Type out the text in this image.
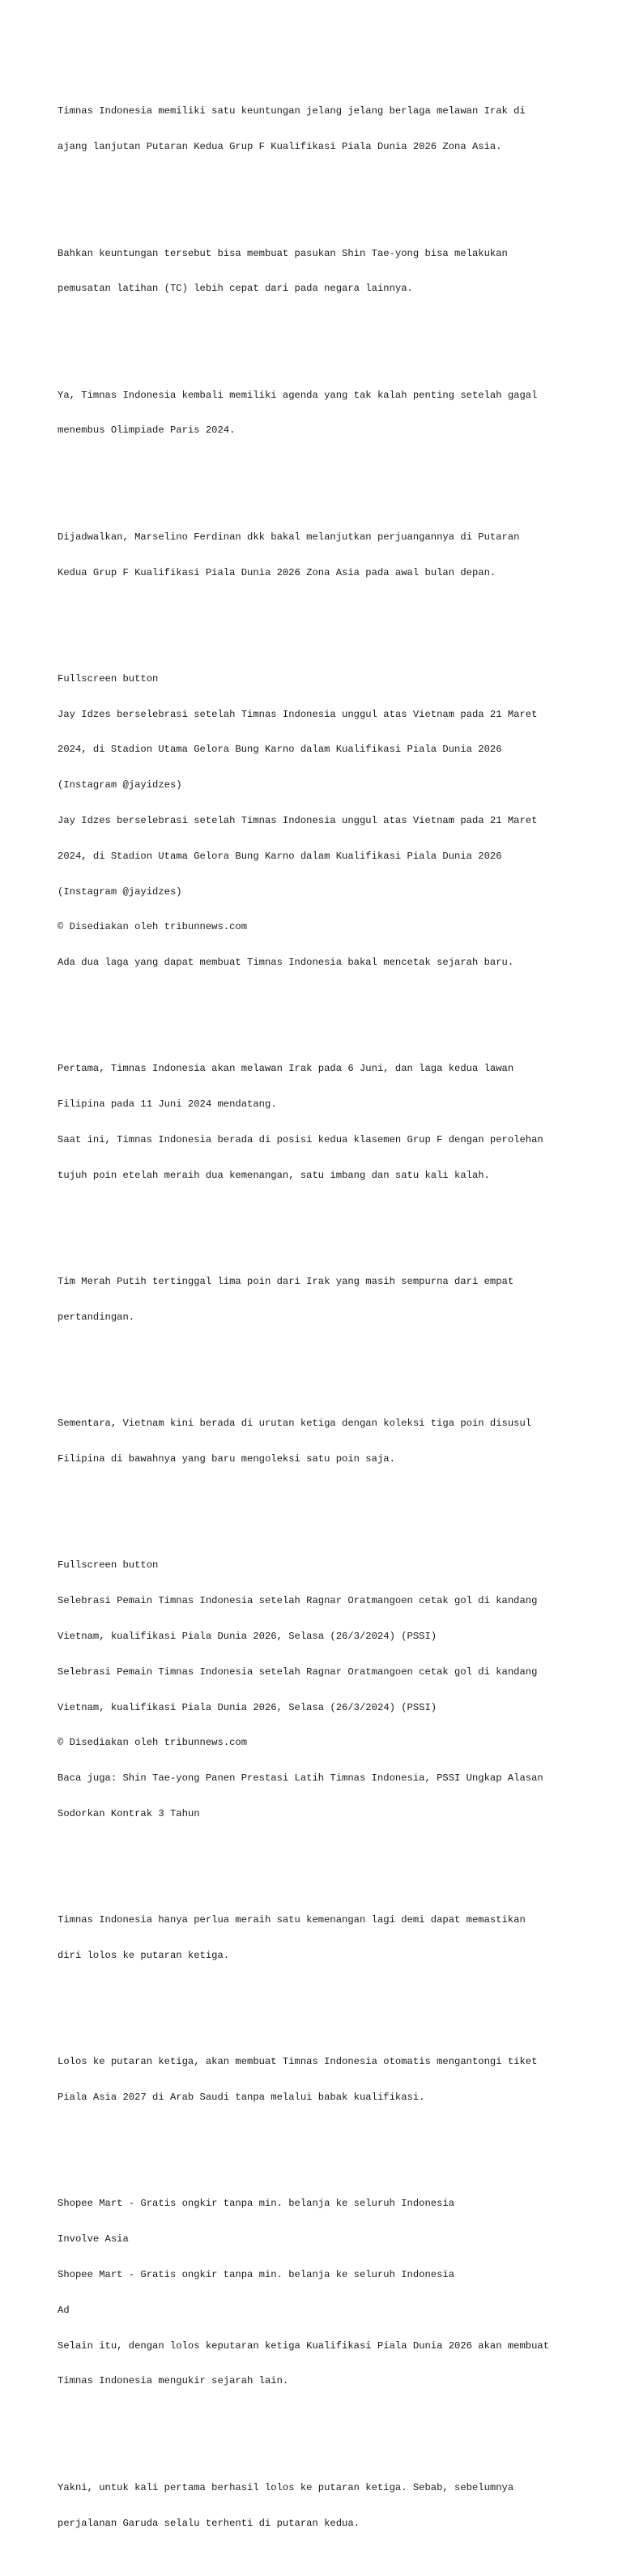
Timnas Indonesia memiliki satu keuntungan jelang jelang berlaga melawan Irak di

ajang lanjutan Putaran Kedua Grup F Kualifikasi Piala Dunia 2026 Zona Asia.

Bahkan keuntungan tersebut bisa membuat pasukan Shin Tae-yong bisa melakukan

pemusatan latihan (TC) lebih cepat dari pada negara lainnya.

Ya, Timnas Indonesia kembali memiliki agenda yang tak kalah penting setelah gagal

menembus Olimpiade Paris 2024.

Dijadwalkan, Marselino Ferdinan dkk bakal melanjutkan perjuangannya di Putaran

Kedua Grup F Kualifikasi Piala Dunia 2026 Zona Asia pada awal bulan depan.

Fullscreen button

Jay Idzes berselebrasi setelah Timnas Indonesia unggul atas Vietnam pada 21 Maret

2024, di Stadion Utama Gelora Bung Karno dalam Kualifikasi Piala Dunia 2026

(Instagram @jayidzes)

Jay Idzes berselebrasi setelah Timnas Indonesia unggul atas Vietnam pada 21 Maret

2024, di Stadion Utama Gelora Bung Karno dalam Kualifikasi Piala Dunia 2026

(Instagram @jayidzes)

© Disediakan oleh tribunnews.com

Ada dua laga yang dapat membuat Timnas Indonesia bakal mencetak sejarah baru.

Pertama, Timnas Indonesia akan melawan Irak pada 6 Juni, dan laga kedua lawan

Filipina pada 11 Juni 2024 mendatang.

Saat ini, Timnas Indonesia berada di posisi kedua klasemen Grup F dengan perolehan

tujuh poin etelah meraih dua kemenangan, satu imbang dan satu kali kalah.

Tim Merah Putih tertinggal lima poin dari Irak yang masih sempurna dari empat

pertandingan.

Sementara, Vietnam kini berada di urutan ketiga dengan koleksi tiga poin disusul

Filipina di bawahnya yang baru mengoleksi satu poin saja.

Fullscreen button

Selebrasi Pemain Timnas Indonesia setelah Ragnar Oratmangoen cetak gol di kandang

Vietnam, kualifikasi Piala Dunia 2026, Selasa (26/3/2024) (PSSI)

Selebrasi Pemain Timnas Indonesia setelah Ragnar Oratmangoen cetak gol di kandang

Vietnam, kualifikasi Piala Dunia 2026, Selasa (26/3/2024) (PSSI)

© Disediakan oleh tribunnews.com

Baca juga: Shin Tae-yong Panen Prestasi Latih Timnas Indonesia, PSSI Ungkap Alasan

Sodorkan Kontrak 3 Tahun

Timnas Indonesia hanya perlua meraih satu kemenangan lagi demi dapat memastikan

diri lolos ke putaran ketiga.

Lolos ke putaran ketiga, akan membuat Timnas Indonesia otomatis mengantongi tiket

Piala Asia 2027 di Arab Saudi tanpa melalui babak kualifikasi.

Shopee Mart - Gratis ongkir tanpa min. belanja ke seluruh Indonesia

Involve Asia

Shopee Mart - Gratis ongkir tanpa min. belanja ke seluruh Indonesia

Ad

Selain itu, dengan lolos keputaran ketiga Kualifikasi Piala Dunia 2026 akan membuat

Timnas Indonesia mengukir sejarah lain.

Yakni, untuk kali pertama berhasil lolos ke putaran ketiga. Sebab, sebelumnya

perjalanan Garuda selalu terhenti di putaran kedua.
